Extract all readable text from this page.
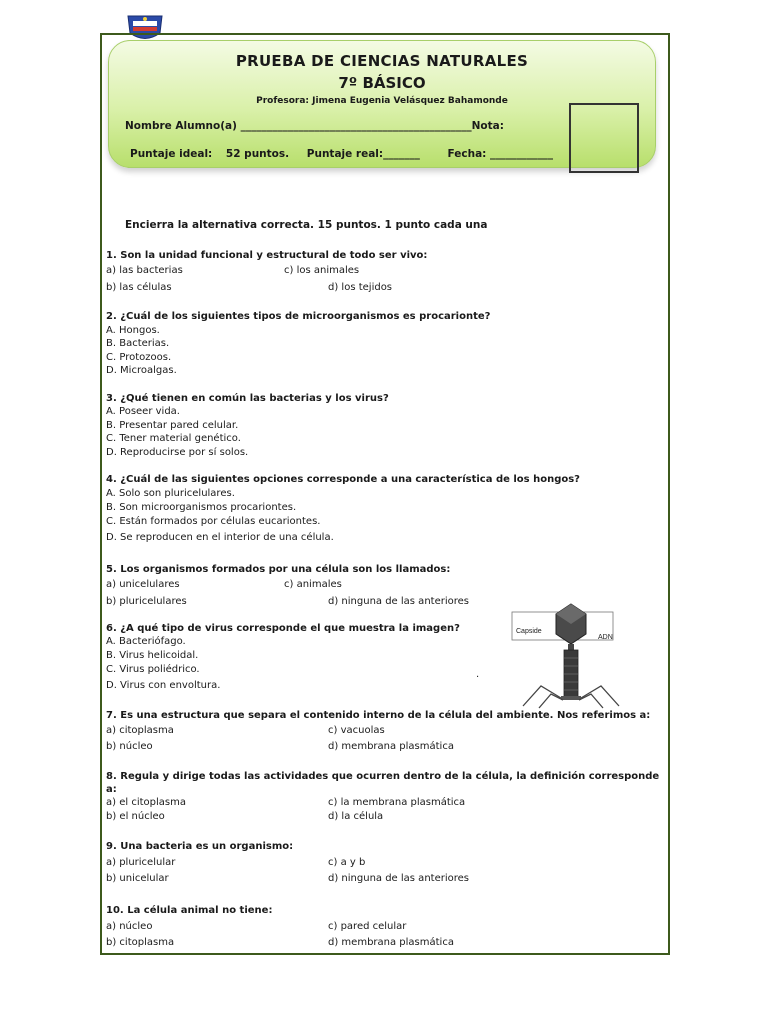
PRUEBA DE CIENCIAS NATURALES
7º BÁSICO
Profesora: Jimena Eugenia Velásquez Bahamonde
Nombre Alumno(a) ____________________________________________Nota:
Puntaje ideal: 52 puntos. Puntaje real:_______	Fecha: ____________
Encierra la alternativa correcta. 15 puntos. 1 punto cada una
1. Son la unidad funcional y estructural de todo ser vivo:
a) las bacterias	c) los animales
b) las células	d) los tejidos
2. ¿Cuál de los siguientes tipos de microorganismos es procarionte?
A. Hongos.
B. Bacterias.
C. Protozoos.
D. Microalgas.
3. ¿Qué tienen en común las bacterias y los virus?
A. Poseer vida.
B. Presentar pared celular.
C. Tener material genético.
D. Reproducirse por sí solos.
4. ¿Cuál de las siguientes opciones corresponde a una característica de los hongos?
A. Solo son pluricelulares.
B. Son microorganismos procariontes.
C. Están formados por células eucariontes.
D. Se reproducen en el interior de una célula.
5. Los organismos formados por una célula son los llamados:
a) unicelulares	c) animales
b) pluricelulares	d) ninguna de las anteriores
6. ¿A qué tipo de virus corresponde el que muestra la imagen?
A. Bacteriófago.
B. Virus helicoidal.
C. Virus poliédrico.
D. Virus con envoltura.
.
Capside
ADN
7. Es una estructura que separa el contenido interno de la célula del ambiente. Nos referimos a:
a) citoplasma	c) vacuolas
b) núcleo	d) membrana plasmática
8. Regula y dirige todas las actividades que ocurren dentro de la célula, la definición corresponde
a:
a) el citoplasma	c) la membrana plasmática
b) el núcleo	d) la célula
9. Una bacteria es un organismo:
a) pluricelular	c) a y b
b) unicelular	d) ninguna de las anteriores
10. La célula animal no tiene:
a) núcleo	c) pared celular
b) citoplasma	d) membrana plasmática
